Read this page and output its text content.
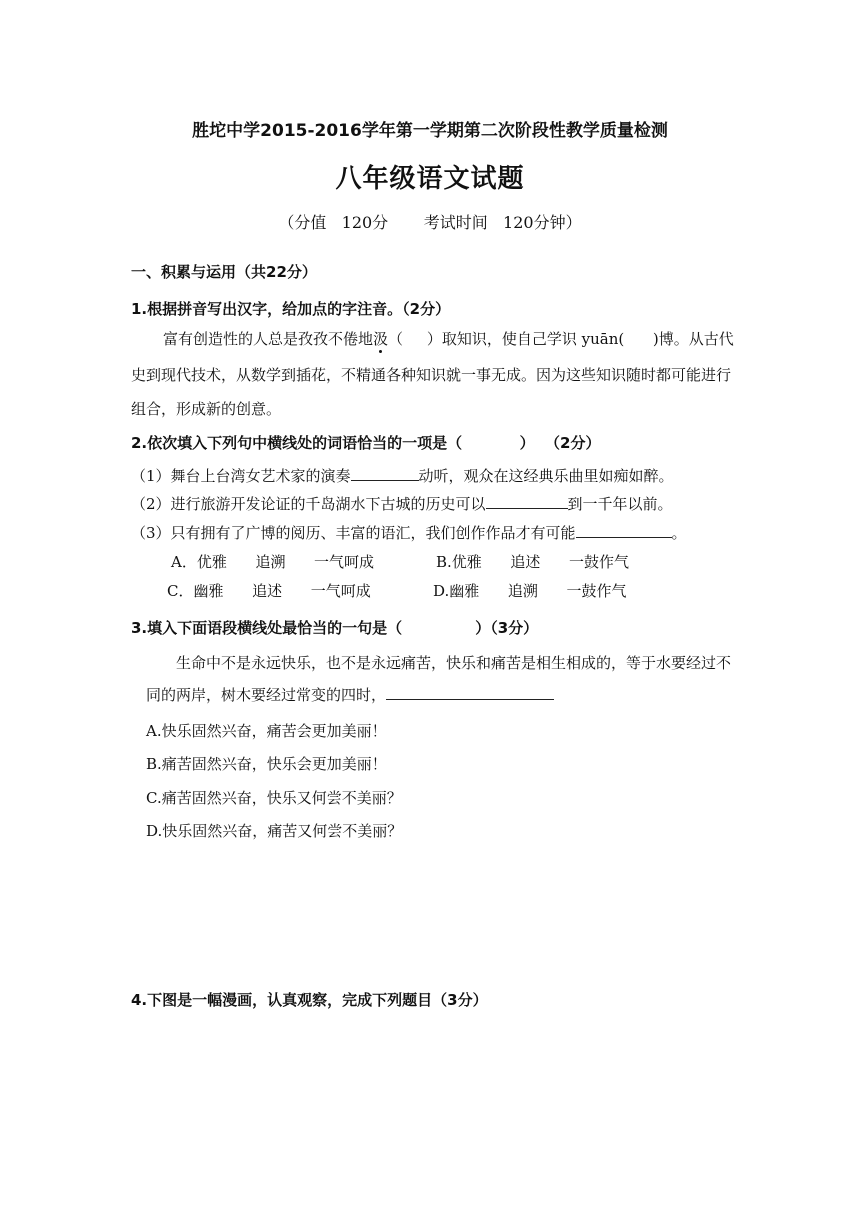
胜坨中学2015-2016学年第一学期第二次阶段性教学质量检测
八年级语文试题
（分值   120分 考试时间   120分钟）
一、积累与运用（共22分）
1.根据拼音写出汉字，给加点的字注音。（2分）
富有创造性的人总是孜孜不倦地汲（     ）取知识，使自己学识 yuān(      )博。从古代
史到现代技术，从数学到插花，不精通各种知识就一事无成。因为这些知识随时都可能进行
组合，形成新的创意。
2.依次填入下列句中横线处的词语恰当的一项是（           ）  （2分）
（1）舞台上台湾女艺术家的演奏	动听，观众在这经典乐曲里如痴如醉。
（2）进行旅游开发论证的千岛湖水下古城的历史可以	到一千年以前。
（3）只有拥有了广博的阅历、丰富的语汇，我们创作作品才有可能	。
A．优雅      追溯      一气呵成	B.优雅      追述      一鼓作气
C．幽雅      追述      一气呵成	D.幽雅      追溯      一鼓作气
3.填入下面语段横线处最恰当的一句是（              ）（3分）
生命中不是永远快乐，也不是永远痛苦，快乐和痛苦是相生相成的，等于水要经过不
同的两岸，树木要经过常变的四时，
A.快乐固然兴奋，痛苦会更加美丽！
B.痛苦固然兴奋，快乐会更加美丽！
C.痛苦固然兴奋，快乐又何尝不美丽？
D.快乐固然兴奋，痛苦又何尝不美丽？
4.下图是一幅漫画，认真观察，完成下列题目（3分）
